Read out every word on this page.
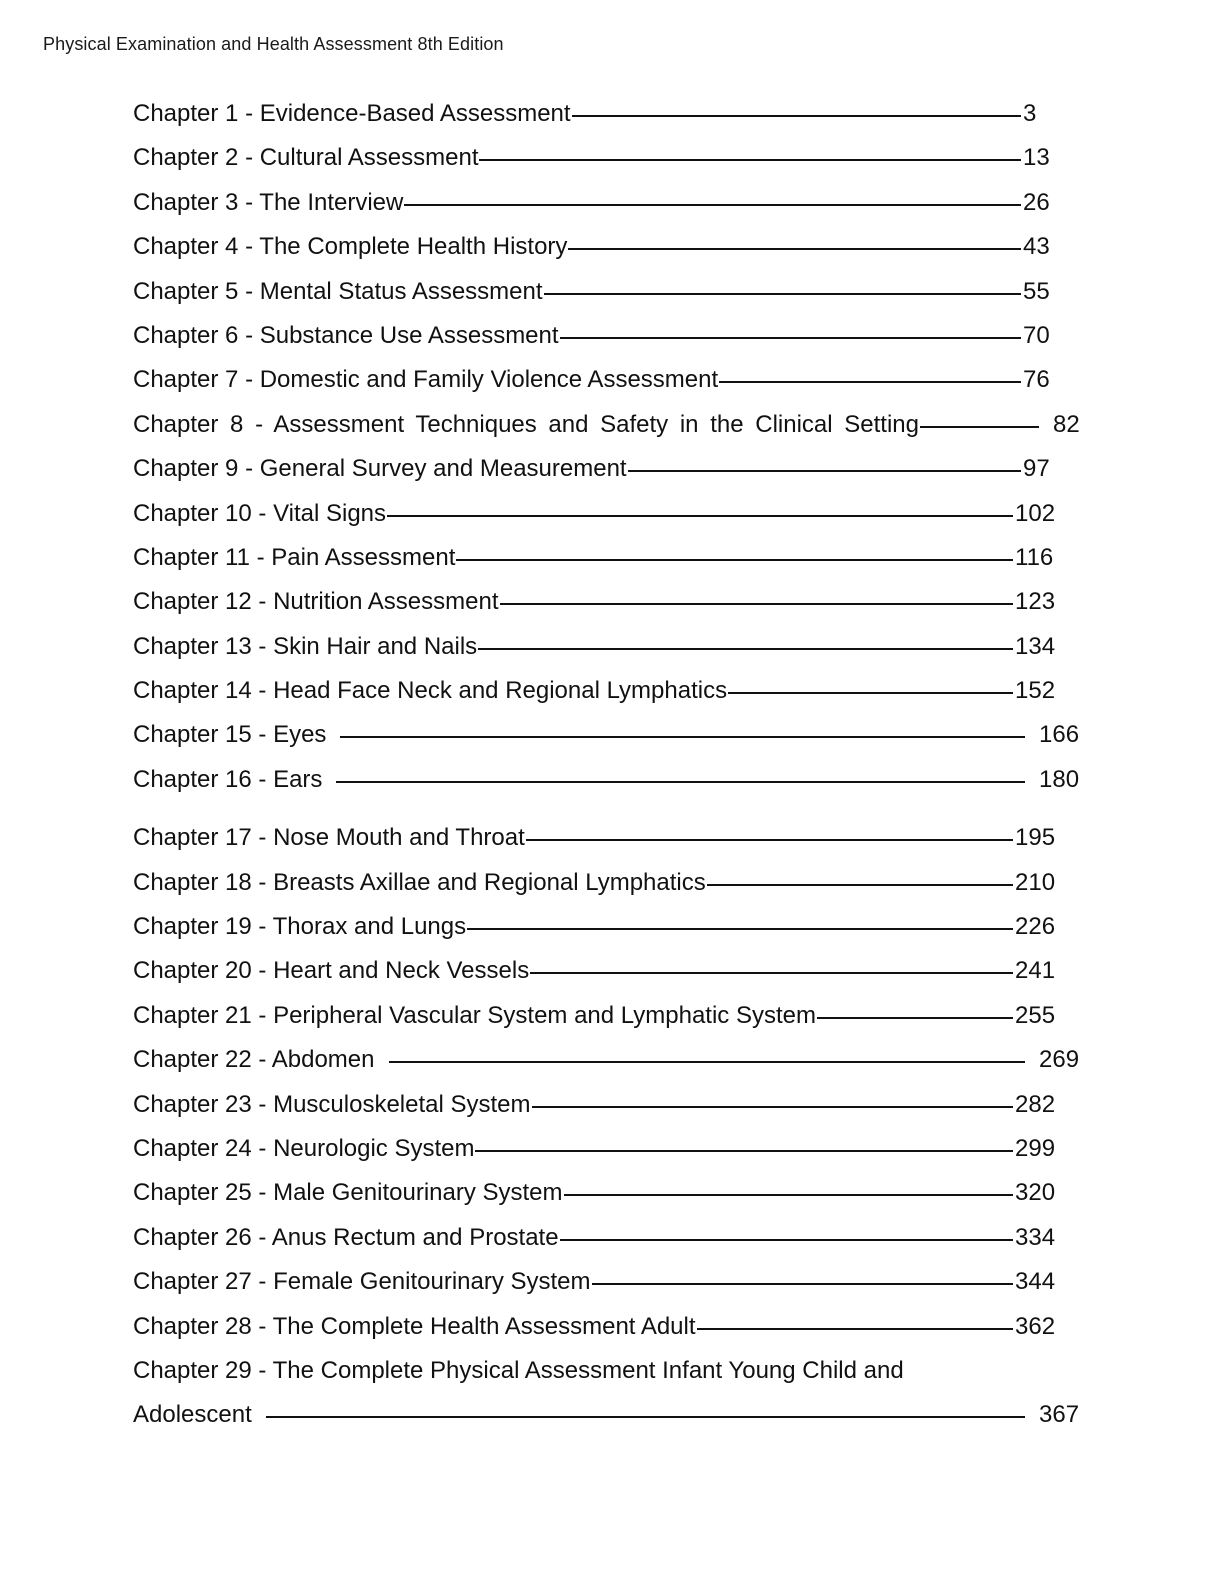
Physical Examination and Health Assessment 8th Edition
Chapter 1 - Evidence-Based Assessment	3
Chapter 2 - Cultural Assessment	13
Chapter 3 - The Interview	26
Chapter 4 - The Complete Health History	43
Chapter 5 - Mental Status Assessment	55
Chapter 6 - Substance Use Assessment	70
Chapter 7 - Domestic and Family Violence Assessment	76
Chapter 8 - Assessment Techniques and Safety in the Clinical Setting	82
Chapter 9 - General Survey and Measurement	97
Chapter 10 - Vital Signs	102
Chapter 11 - Pain Assessment	116
Chapter 12 - Nutrition Assessment	123
Chapter 13 - Skin Hair and Nails	134
Chapter 14 - Head Face Neck and Regional Lymphatics	152
Chapter 15 - Eyes	166
Chapter 16 - Ears	180
Chapter 17 - Nose Mouth and Throat	195
Chapter 18 - Breasts Axillae and Regional Lymphatics	210
Chapter 19 - Thorax and Lungs	226
Chapter 20 - Heart and Neck Vessels	241
Chapter 21 - Peripheral Vascular System and Lymphatic System	255
Chapter 22 - Abdomen	269
Chapter 23 - Musculoskeletal System	282
Chapter 24 - Neurologic System	299
Chapter 25 - Male Genitourinary System	320
Chapter 26 - Anus Rectum and Prostate	334
Chapter 27 - Female Genitourinary System	344
Chapter 28 - The Complete Health Assessment Adult	362
Chapter 29 - The Complete Physical Assessment Infant Young Child and
Adolescent	367
